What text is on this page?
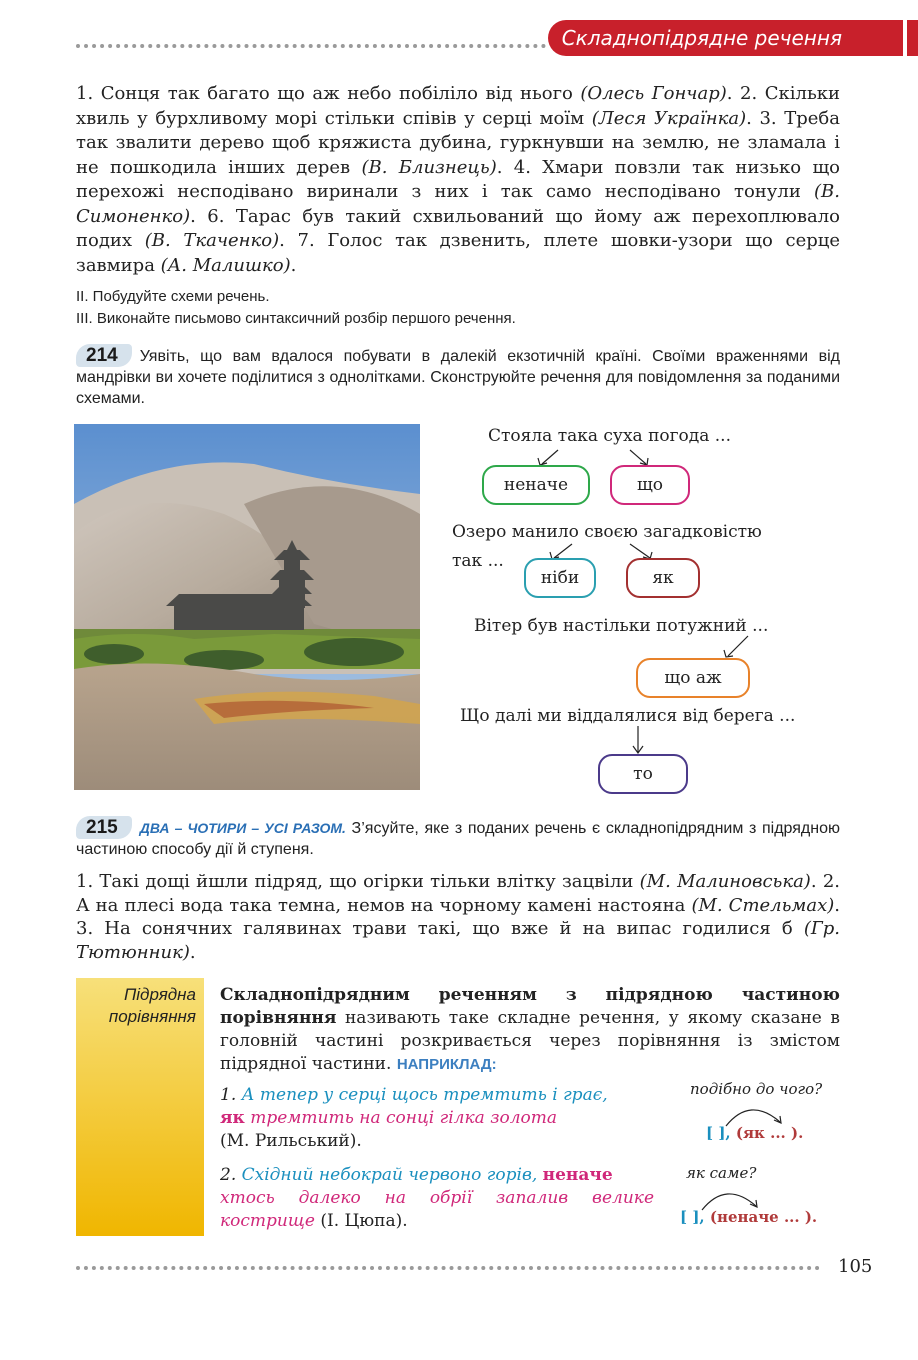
Складнопідрядне речення
1. Сонця так багато що аж небо побіліло від нього (Олесь Гончар). 2. Скільки хвиль у бурхливому морі стільки співів у серці моїм (Леся Українка). 3. Треба так звалити дерево щоб кряжиста дубина, гуркнувши на землю, не зламала і не пошкодила інших дерев (В. Близнець). 4. Хмари повзли так низько що перехожі несподівано виринали з них і так само несподівано тонули (В. Симоненко). 6. Тарас був такий схвильований що йому аж перехоплювало подих (В. Ткаченко). 7. Голос так дзвенить, плете шовки-узори що серце завмира (А. Малишко).
II. Побудуйте схеми речень.
III. Виконайте письмово синтаксичний розбір першого речення.
214 Уявіть, що вам вдалося побувати в далекій екзотичній країні. Своїми враженнями від мандрівки ви хочете поділитися з однолітками. Сконструюйте речення для повідомлення за поданими схемами.
Стояла така суха погода ...
неначе	що
Озеро манило своєю загадковістю
так ...
ніби	як
Вітер був настільки потужний ...
що аж
Що далі ми віддалялися від берега ...
то
215 ДВА – ЧОТИРИ – УСІ РАЗОМ. З’ясуйте, яке з поданих речень є складнопідрядним з підрядною частиною способу дії й ступеня.
1. Такі дощі йшли підряд, що огірки тільки влітку зацвіли (М. Малиновська). 2. А на плесі вода така темна, немов на чорному камені настояна (М. Стельмах). 3. На сонячних галявинах трави такі, що вже й на випас годилися б (Гр. Тютюнник).
Підрядна порівняння
Складнопідрядним реченням з підрядною частиною порівняння називають таке складне речення, у якому сказане в головній частині розкривається через порівняння із змістом підрядної частини. НАПРИКЛАД:
1. А тепер у серці щось тремтить і грає,
як тремтить на сонці гілка золота
(М. Рильський).
подібно до чого?
[ ], (як ... ).
2. Східний небокрай червоно горів, неначе
хтось далеко на обрії запалив велике кострище (І. Цюпа).
як саме?
[ ], (неначе ... ).
105
